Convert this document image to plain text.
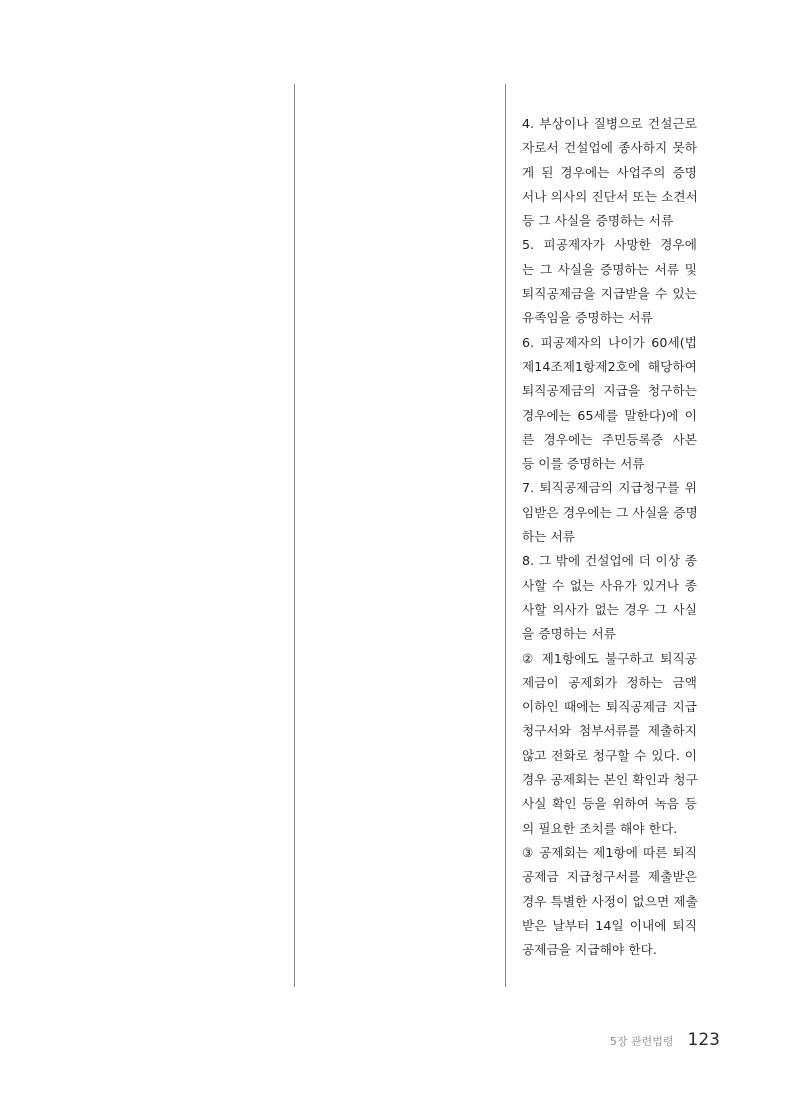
4. 부상이나 질병으로 건설근로
자로서 건설업에 종사하지 못하
게 된 경우에는 사업주의 증명
서나 의사의 진단서 또는 소견서
등 그 사실을 증명하는 서류
5. 피공제자가 사망한 경우에
는 그 사실을 증명하는 서류 및
퇴직공제금을 지급받을 수 있는
유족임을 증명하는 서류
6. 피공제자의 나이가 60세(법
제14조제1항제2호에 해당하여
퇴직공제금의 지급을 청구하는
경우에는 65세를 말한다)에 이
른 경우에는 주민등록증 사본
등 이를 증명하는 서류
7. 퇴직공제금의 지급청구를 위
임받은 경우에는 그 사실을 증명
하는 서류
8. 그 밖에 건설업에 더 이상 종
사할 수 없는 사유가 있거나 종
사할 의사가 없는 경우 그 사실
을 증명하는 서류
② 제1항에도 불구하고 퇴직공
제금이 공제회가 정하는 금액
이하인 때에는 퇴직공제금 지급
청구서와 첨부서류를 제출하지
않고 전화로 청구할 수 있다. 이
경우 공제회는 본인 확인과 청구
사실 확인 등을 위하여 녹음 등
의 필요한 조치를 해야 한다.
③ 공제회는 제1항에 따른 퇴직
공제금 지급청구서를 제출받은
경우 특별한 사정이 없으면 제출
받은 날부터 14일 이내에 퇴직
공제금을 지급해야 한다.
5장 관련법령 123
